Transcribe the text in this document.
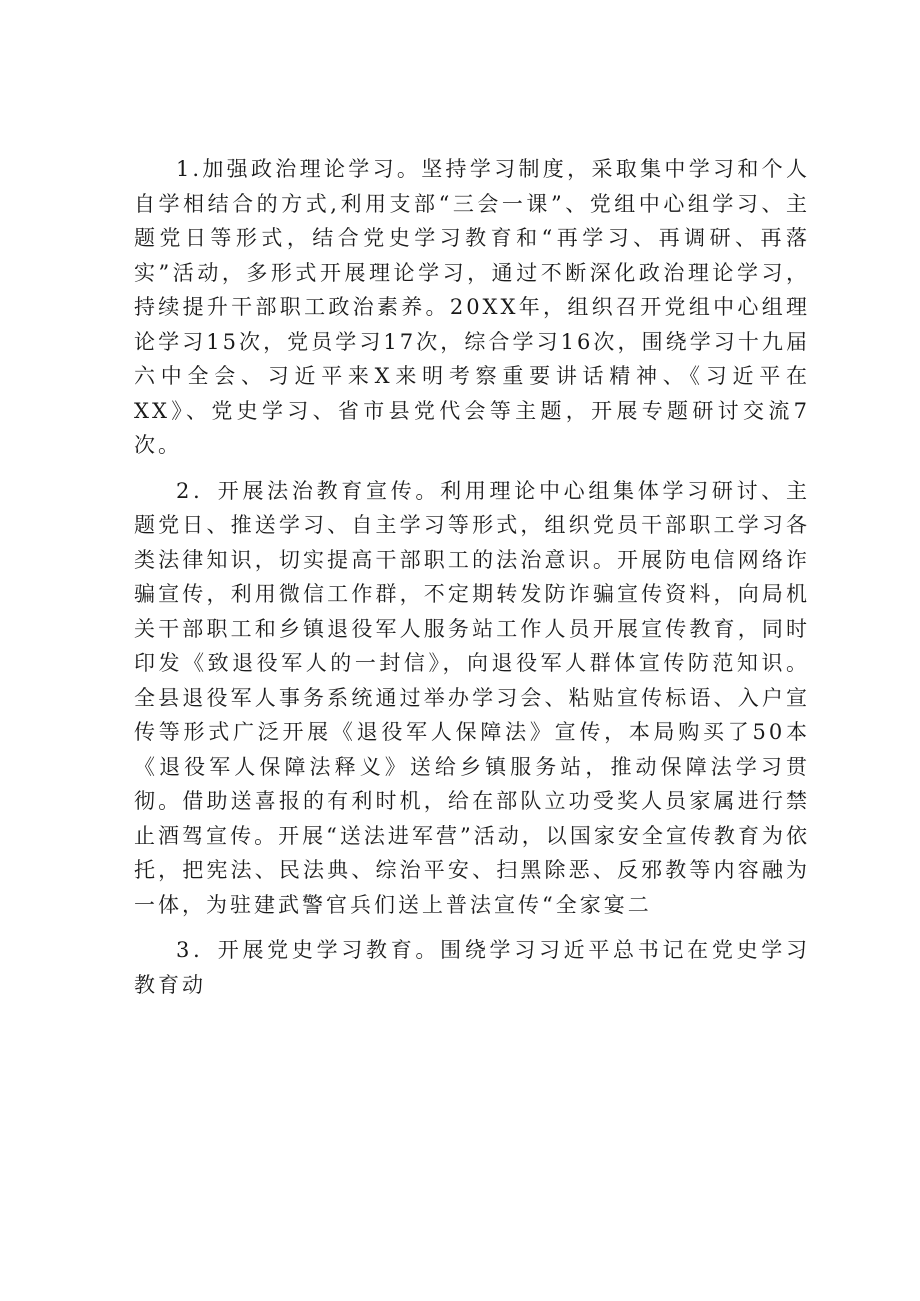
1.加强政治理论学习。坚持学习制度，采取集中学习和个人自学相结合的方式,利用支部“三会一课”、党组中心组学习、主题党日等形式，结合党史学习教育和“再学习、再调研、再落实”活动，多形式开展理论学习，通过不断深化政治理论学习，持续提升干部职工政治素养。20XX年，组织召开党组中心组理论学习15次，党员学习17次，综合学习16次，围绕学习十九届六中全会、习近平来X来明考察重要讲话精神、《习近平在XX》、党史学习、省市县党代会等主题，开展专题研讨交流7次。

2．开展法治教育宣传。利用理论中心组集体学习研讨、主题党日、推送学习、自主学习等形式，组织党员干部职工学习各类法律知识，切实提高干部职工的法治意识。开展防电信网络诈骗宣传，利用微信工作群，不定期转发防诈骗宣传资料，向局机关干部职工和乡镇退役军人服务站工作人员开展宣传教育，同时印发《致退役军人的一封信》，向退役军人群体宣传防范知识。全县退役军人事务系统通过举办学习会、粘贴宣传标语、入户宣传等形式广泛开展《退役军人保障法》宣传，本局购买了50本《退役军人保障法释义》送给乡镇服务站，推动保障法学习贯彻。借助送喜报的有利时机，给在部队立功受奖人员家属进行禁止酒驾宣传。开展“送法进军营”活动，以国家安全宣传教育为依托，把宪法、民法典、综治平安、扫黑除恶、反邪教等内容融为一体，为驻建武警官兵们送上普法宣传“全家宴二

3．开展党史学习教育。围绕学习习近平总书记在党史学习教育动
